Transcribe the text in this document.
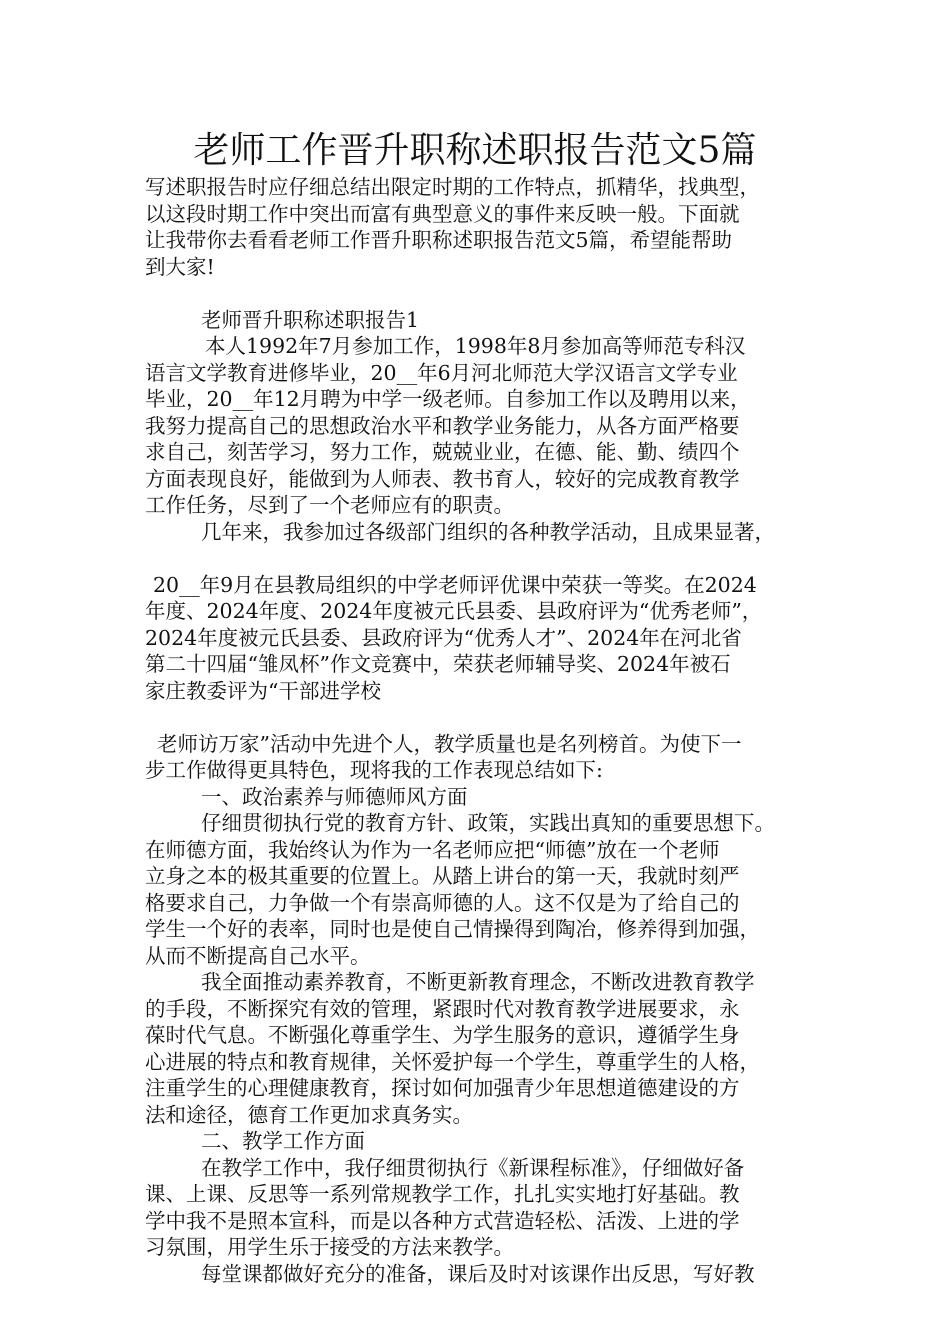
老师工作晋升职称述职报告范文5篇
写述职报告时应仔细总结出限定时期的工作特点，抓精华，找典型，
以这段时期工作中突出而富有典型意义的事件来反映一般。下面就
让我带你去看看老师工作晋升职称述职报告范文5篇，希望能帮助
到大家!
老师晋升职称述职报告1
本人1992年7月参加工作，1998年8月参加高等师范专科汉
语言文学教育进修毕业，20__年6月河北师范大学汉语言文学专业
毕业，20__年12月聘为中学一级老师。自参加工作以及聘用以来，
我努力提高自己的思想政治水平和教学业务能力，从各方面严格要
求自己，刻苦学习，努力工作，兢兢业业，在德、能、勤、绩四个
方面表现良好，能做到为人师表、教书育人，较好的完成教育教学
工作任务，尽到了一个老师应有的职责。
几年来，我参加过各级部门组织的各种教学活动，且成果显著，
20__年9月在县教局组织的中学老师评优课中荣获一等奖。在2024
年度、2024年度、2024年度被元氏县委、县政府评为“优秀老师”，
2024年度被元氏县委、县政府评为“优秀人才”、2024年在河北省
第二十四届“雏凤杯”作文竞赛中，荣获老师辅导奖、2024年被石
家庄教委评为“干部进学校
老师访万家”活动中先进个人，教学质量也是名列榜首。为使下一
步工作做得更具特色，现将我的工作表现总结如下:
一、政治素养与师德师风方面
仔细贯彻执行党的教育方针、政策，实践出真知的重要思想下。
在师德方面，我始终认为作为一名老师应把“师德”放在一个老师
立身之本的极其重要的位置上。从踏上讲台的第一天，我就时刻严
格要求自己，力争做一个有崇高师德的人。这不仅是为了给自己的
学生一个好的表率，同时也是使自己情操得到陶冶，修养得到加强，
从而不断提高自己水平。
我全面推动素养教育，不断更新教育理念，不断改进教育教学
的手段，不断探究有效的管理，紧跟时代对教育教学进展要求，永
葆时代气息。不断强化尊重学生、为学生服务的意识，遵循学生身
心进展的特点和教育规律，关怀爱护每一个学生，尊重学生的人格，
注重学生的心理健康教育，探讨如何加强青少年思想道德建设的方
法和途径，德育工作更加求真务实。
二、教学工作方面
在教学工作中，我仔细贯彻执行《新课程标准》，仔细做好备
课、上课、反思等一系列常规教学工作，扎扎实实地打好基础。教
学中我不是照本宣科，而是以各种方式营造轻松、活泼、上进的学
习氛围，用学生乐于接受的方法来教学。
每堂课都做好充分的准备，课后及时对该课作出反思，写好教
